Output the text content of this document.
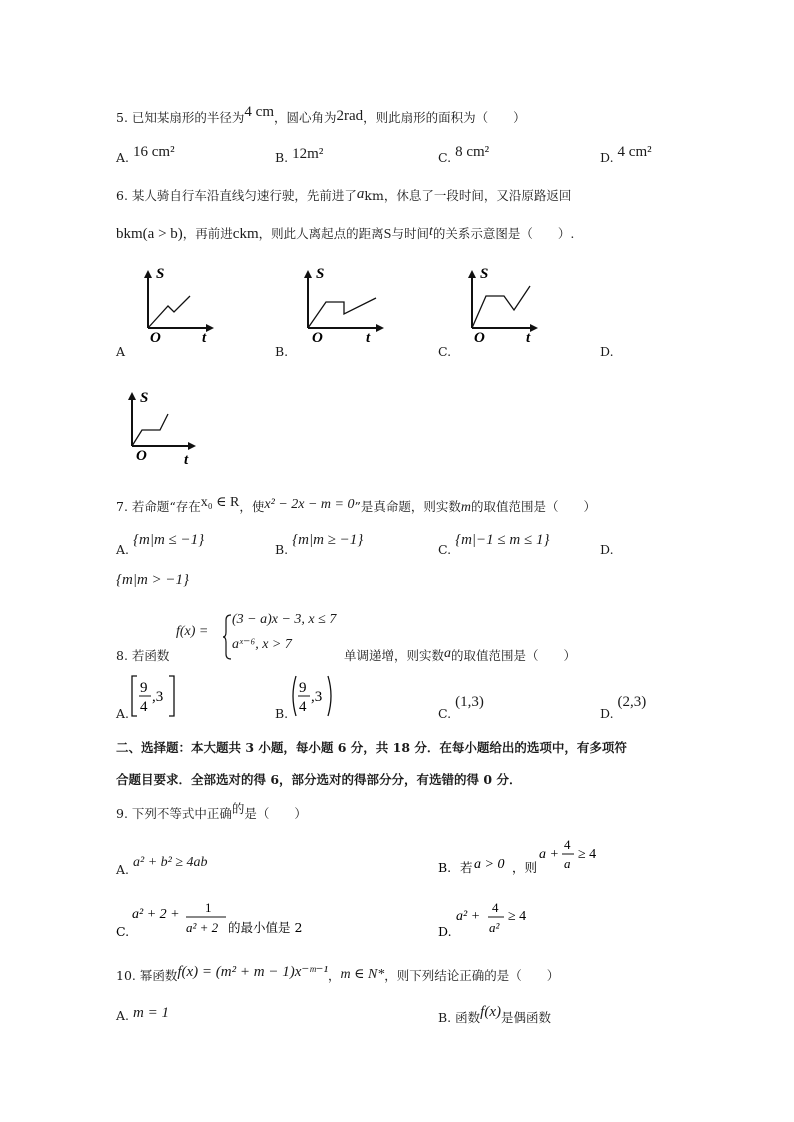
5. 已知某扇形的半径为4 cm，圆心角为2rad，则此扇形的面积为（　　）
A. 16 cm²	B. 12m²	C. 8 cm²	D. 4 cm²
6. 某人骑自行车沿直线匀速行驶，先前进了akm，休息了一段时间，又沿原路返回
bkm(a > b)，再前进ckm，则此人离起点的距离S与时间t的关系示意图是（　　）.
S
O	t
A
S
O	t
B.
S
O	t
C.	D.
S
O t
7. 若命题“存在x₀ ∈ R，使x² − 2x − m = 0”是真命题，则实数m的取值范围是（　　）
A. {m|m ≤ −1}
B. {m|m ≥ −1}
C. {m|−1 ≤ m ≤ 1}
D.
{m|m > −1}
8. 若函数
f(x) =
(3 − a)x − 3, x ≤ 7
aˣ⁻⁶, x > 7
单调递增，则实数a的取值范围是（　　）
A.
9
4
,3
B.
9
4
,3
C. (1,3)
D. (2,3)
二、选择题：本大题共 3 小题，每小题 6 分，共 18 分．在每小题给出的选项中，有多项符
合题目要求．全部选对的得 6，部分选对的得部分分，有选错的得 0 分．
9. 下列不等式中正确的是（　　）
A. a² + b² ≥ 4ab	B. 若 a > 0 ，则
a +
4
a
≥ 4
C.
a² + 2 + 1
a² + 2 的最小值是 2	D.
a² +
4
a²
≥ 4
10. 幂函数f(x) = (m² + m − 1)x⁻ᵐ⁻¹，m ∈ N*，则下列结论正确的是（　　）
A. m = 1	B. 函数f(x)是偶函数
